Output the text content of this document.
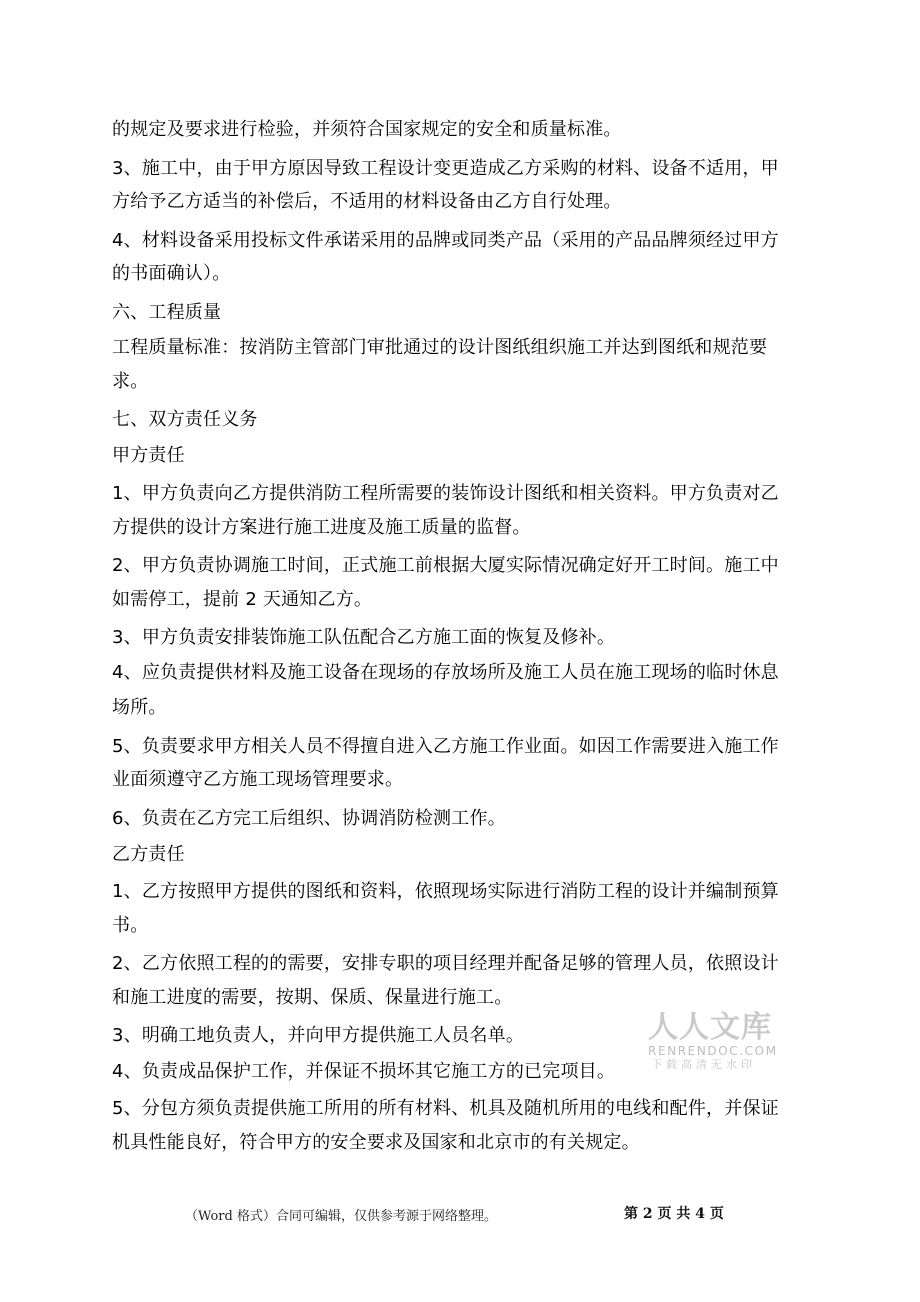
的规定及要求进行检验，并须符合国家规定的安全和质量标准。
3、施工中，由于甲方原因导致工程设计变更造成乙方采购的材料、设备不适用，甲
方给予乙方适当的补偿后，不适用的材料设备由乙方自行处理。
4、材料设备采用投标文件承诺采用的品牌或同类产品（采用的产品品牌须经过甲方
的书面确认）。
六、工程质量
工程质量标准：按消防主管部门审批通过的设计图纸组织施工并达到图纸和规范要
求。
七、双方责任义务
甲方责任
1、甲方负责向乙方提供消防工程所需要的装饰设计图纸和相关资料。甲方负责对乙
方提供的设计方案进行施工进度及施工质量的监督。
2、甲方负责协调施工时间，正式施工前根据大厦实际情况确定好开工时间。施工中
如需停工，提前 2 天通知乙方。
3、甲方负责安排装饰施工队伍配合乙方施工面的恢复及修补。
4、应负责提供材料及施工设备在现场的存放场所及施工人员在施工现场的临时休息
场所。
5、负责要求甲方相关人员不得擅自进入乙方施工作业面。如因工作需要进入施工作
业面须遵守乙方施工现场管理要求。
6、负责在乙方完工后组织、协调消防检测工作。
乙方责任
1、乙方按照甲方提供的图纸和资料，依照现场实际进行消防工程的设计并编制预算
书。
2、乙方依照工程的的需要，安排专职的项目经理并配备足够的管理人员，依照设计
和施工进度的需要，按期、保质、保量进行施工。
3、明确工地负责人，并向甲方提供施工人员名单。
4、负责成品保护工作，并保证不损坏其它施工方的已完项目。
5、分包方须负责提供施工所用的所有材料、机具及随机所用的电线和配件，并保证
机具性能良好，符合甲方的安全要求及国家和北京市的有关规定。
人人文库
RENRENDOC.COM
下载高清无水印
（Word 格式）合同可编辑，仅供参考源于网络整理。	第 2 页 共 4 页
